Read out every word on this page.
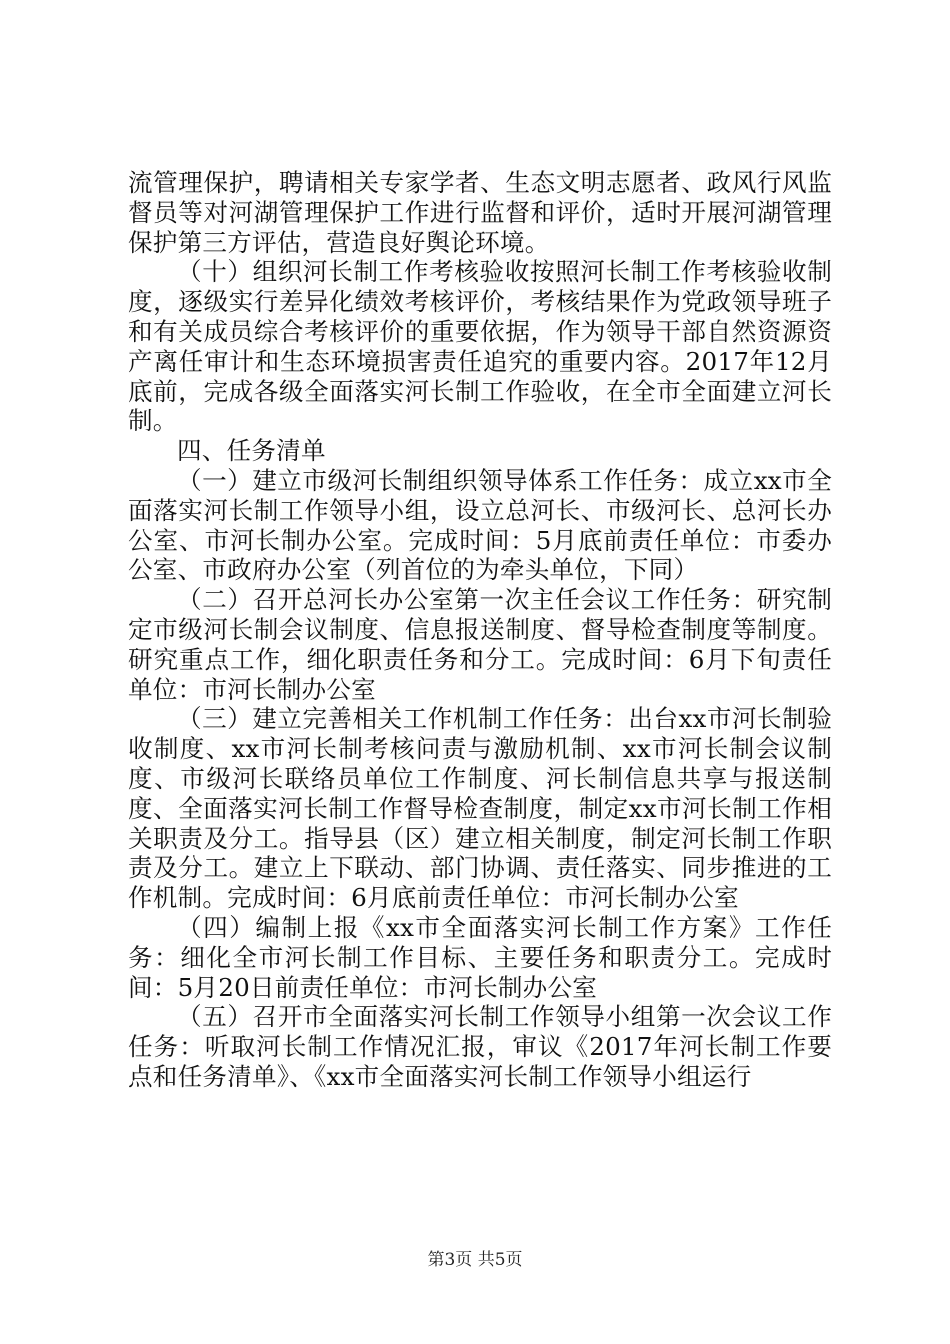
流管理保护，聘请相关专家学者、生态文明志愿者、政风行风监督员等对河湖管理保护工作进行监督和评价，适时开展河湖管理保护第三方评估，营造良好舆论环境。

（十）组织河长制工作考核验收按照河长制工作考核验收制度，逐级实行差异化绩效考核评价，考核结果作为党政领导班子和有关成员综合考核评价的重要依据，作为领导干部自然资源资产离任审计和生态环境损害责任追究的重要内容。2017年12月底前，完成各级全面落实河长制工作验收，在全市全面建立河长制。

四、任务清单

（一）建立市级河长制组织领导体系工作任务：成立xx市全面落实河长制工作领导小组，设立总河长、市级河长、总河长办公室、市河长制办公室。完成时间：5月底前责任单位：市委办公室、市政府办公室（列首位的为牵头单位，下同）

（二）召开总河长办公室第一次主任会议工作任务：研究制定市级河长制会议制度、信息报送制度、督导检查制度等制度。研究重点工作，细化职责任务和分工。完成时间：6月下旬责任单位：市河长制办公室

（三）建立完善相关工作机制工作任务：出台xx市河长制验收制度、xx市河长制考核问责与激励机制、xx市河长制会议制度、市级河长联络员单位工作制度、河长制信息共享与报送制度、全面落实河长制工作督导检查制度，制定xx市河长制工作相关职责及分工。指导县（区）建立相关制度，制定河长制工作职责及分工。建立上下联动、部门协调、责任落实、同步推进的工作机制。完成时间：6月底前责任单位：市河长制办公室

（四）编制上报《xx市全面落实河长制工作方案》工作任务：细化全市河长制工作目标、主要任务和职责分工。完成时间：5月20日前责任单位：市河长制办公室

（五）召开市全面落实河长制工作领导小组第一次会议工作任务：听取河长制工作情况汇报，审议《2017年河长制工作要点和任务清单》、《xx市全面落实河长制工作领导小组运行

第3页 共5页
